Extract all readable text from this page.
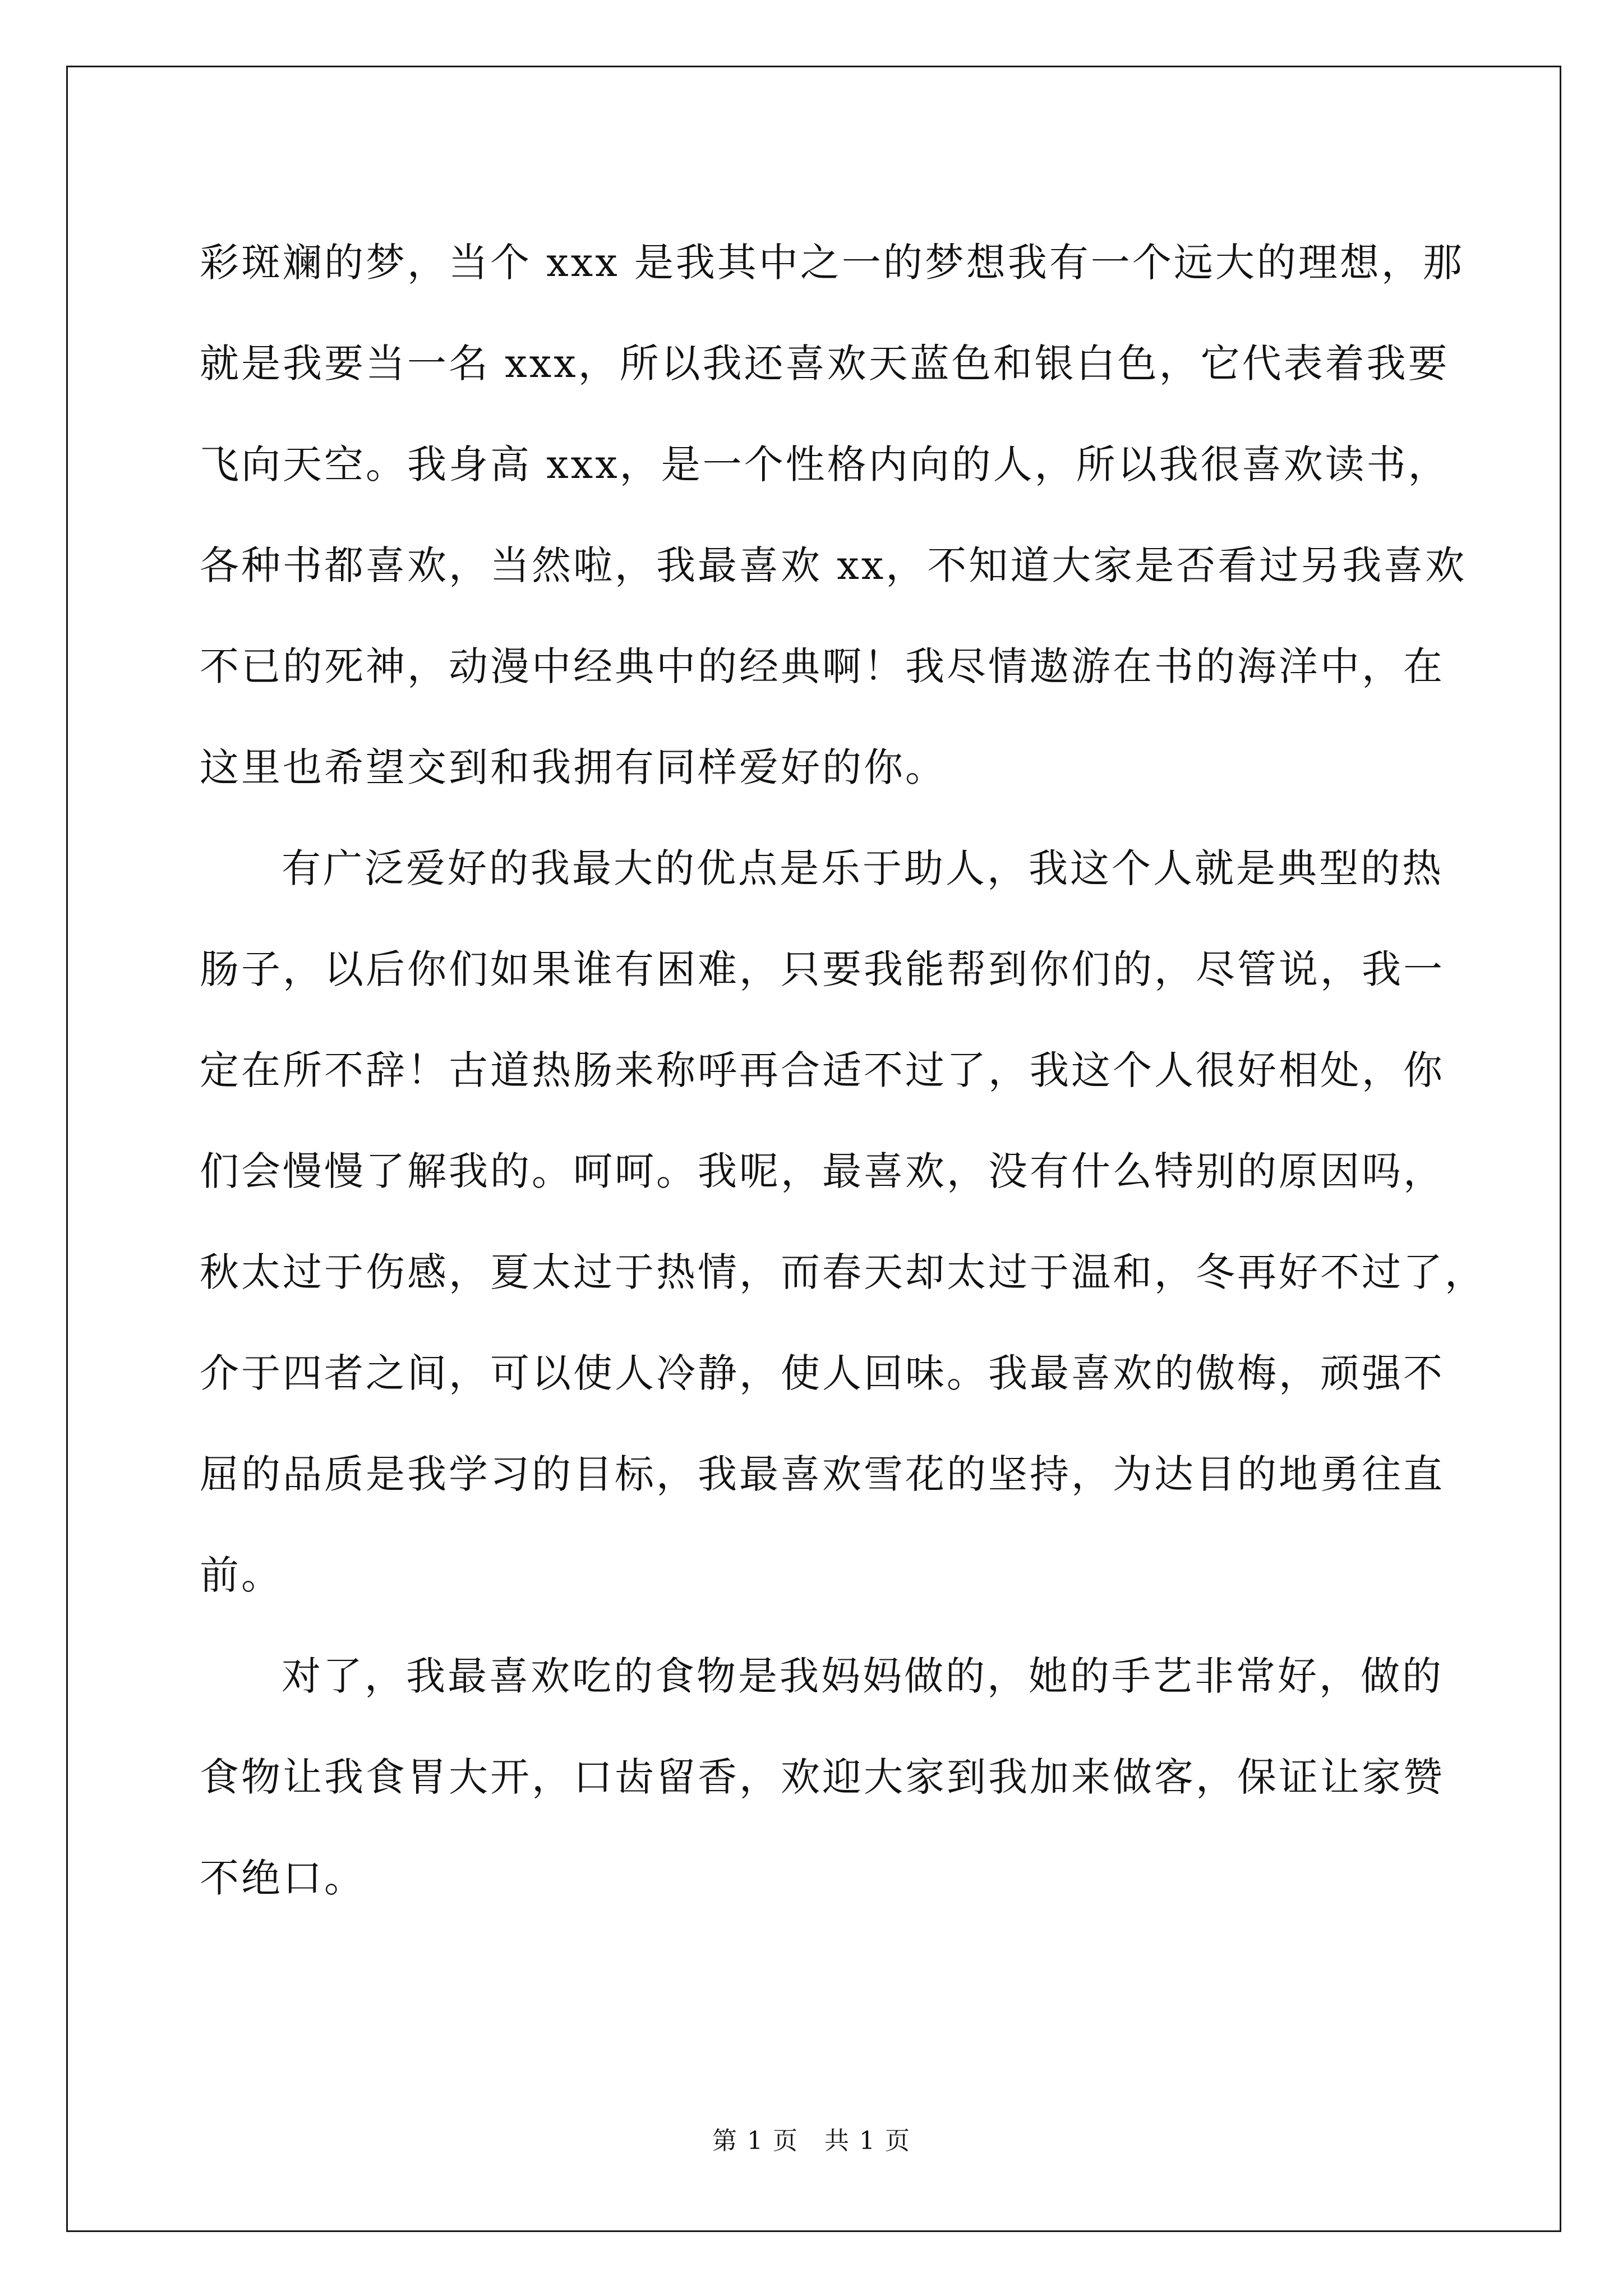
彩斑斓的梦，当个 xxx 是我其中之一的梦想我有一个远大的理想，那
就是我要当一名 xxx，所以我还喜欢天蓝色和银白色，它代表着我要
飞向天空。我身高 xxx，是一个性格内向的人，所以我很喜欢读书，
各种书都喜欢，当然啦，我最喜欢 xx，不知道大家是否看过另我喜欢
不已的死神，动漫中经典中的经典啊！我尽情遨游在书的海洋中，在
这里也希望交到和我拥有同样爱好的你。
有广泛爱好的我最大的优点是乐于助人，我这个人就是典型的热
肠子，以后你们如果谁有困难，只要我能帮到你们的，尽管说，我一
定在所不辞！古道热肠来称呼再合适不过了，我这个人很好相处，你
们会慢慢了解我的。呵呵。我呢，最喜欢，没有什么特别的原因吗，
秋太过于伤感，夏太过于热情，而春天却太过于温和，冬再好不过了，
介于四者之间，可以使人冷静，使人回味。我最喜欢的傲梅，顽强不
屈的品质是我学习的目标，我最喜欢雪花的坚持，为达目的地勇往直
前。
对了，我最喜欢吃的食物是我妈妈做的，她的手艺非常好，做的
食物让我食胃大开，口齿留香，欢迎大家到我加来做客，保证让家赞
不绝口。
第 1 页　共 1 页
